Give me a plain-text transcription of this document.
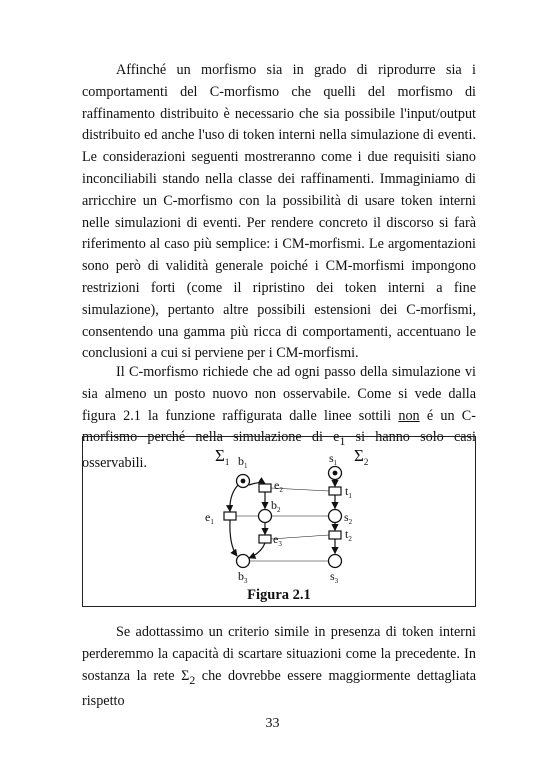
Affinché un morfismo sia in grado di riprodurre sia i comportamenti del C-morfismo che quelli del morfismo di raffinamento distribuito è necessario che sia possibile l'input/output distribuito ed anche l'uso di token interni nella simulazione di eventi. Le considerazioni seguenti mostreranno come i due requisiti siano inconciliabili stando nella classe dei raffinamenti. Immaginiamo di arricchire un C-morfismo con la possibilità di usare token interni nelle simulazioni di eventi. Per rendere concreto il discorso si farà riferimento al caso più semplice: i CM-morfismi. Le argomentazioni sono però di validità generale poiché i CM-morfismi impongono restrizioni forti (come il ripristino dei token interni a fine simulazione), pertanto altre possibili estensioni dei C-morfismi, consentendo una gamma più ricca di comportamenti, accentuano le conclusioni a cui si perviene per i CM-morfismi.

Il C-morfismo richiede che ad ogni passo della simulazione vi sia almeno un posto nuovo non osservabile. Come si vede dalla figura 2.1 la funzione raffigurata dalle linee sottili non é un C-morfismo perché nella simulazione di $e_1$ si hanno solo casi osservabili.	$\Sigma_1$	$\Sigma_2$
$b_1$
$e_2$
$b_2$
$e_1$
$e_3$
$b_3$
$s_1$
$t_1$
$s_2$
$t_2$
$s_3$
Figura 2.1

Se adottassimo un criterio simile in presenza di token interni perderemmo la capacità di scartare situazioni come la precedente. In sostanza la rete $\Sigma_2$ che dovrebbe essere maggiormente dettagliata rispetto

33
